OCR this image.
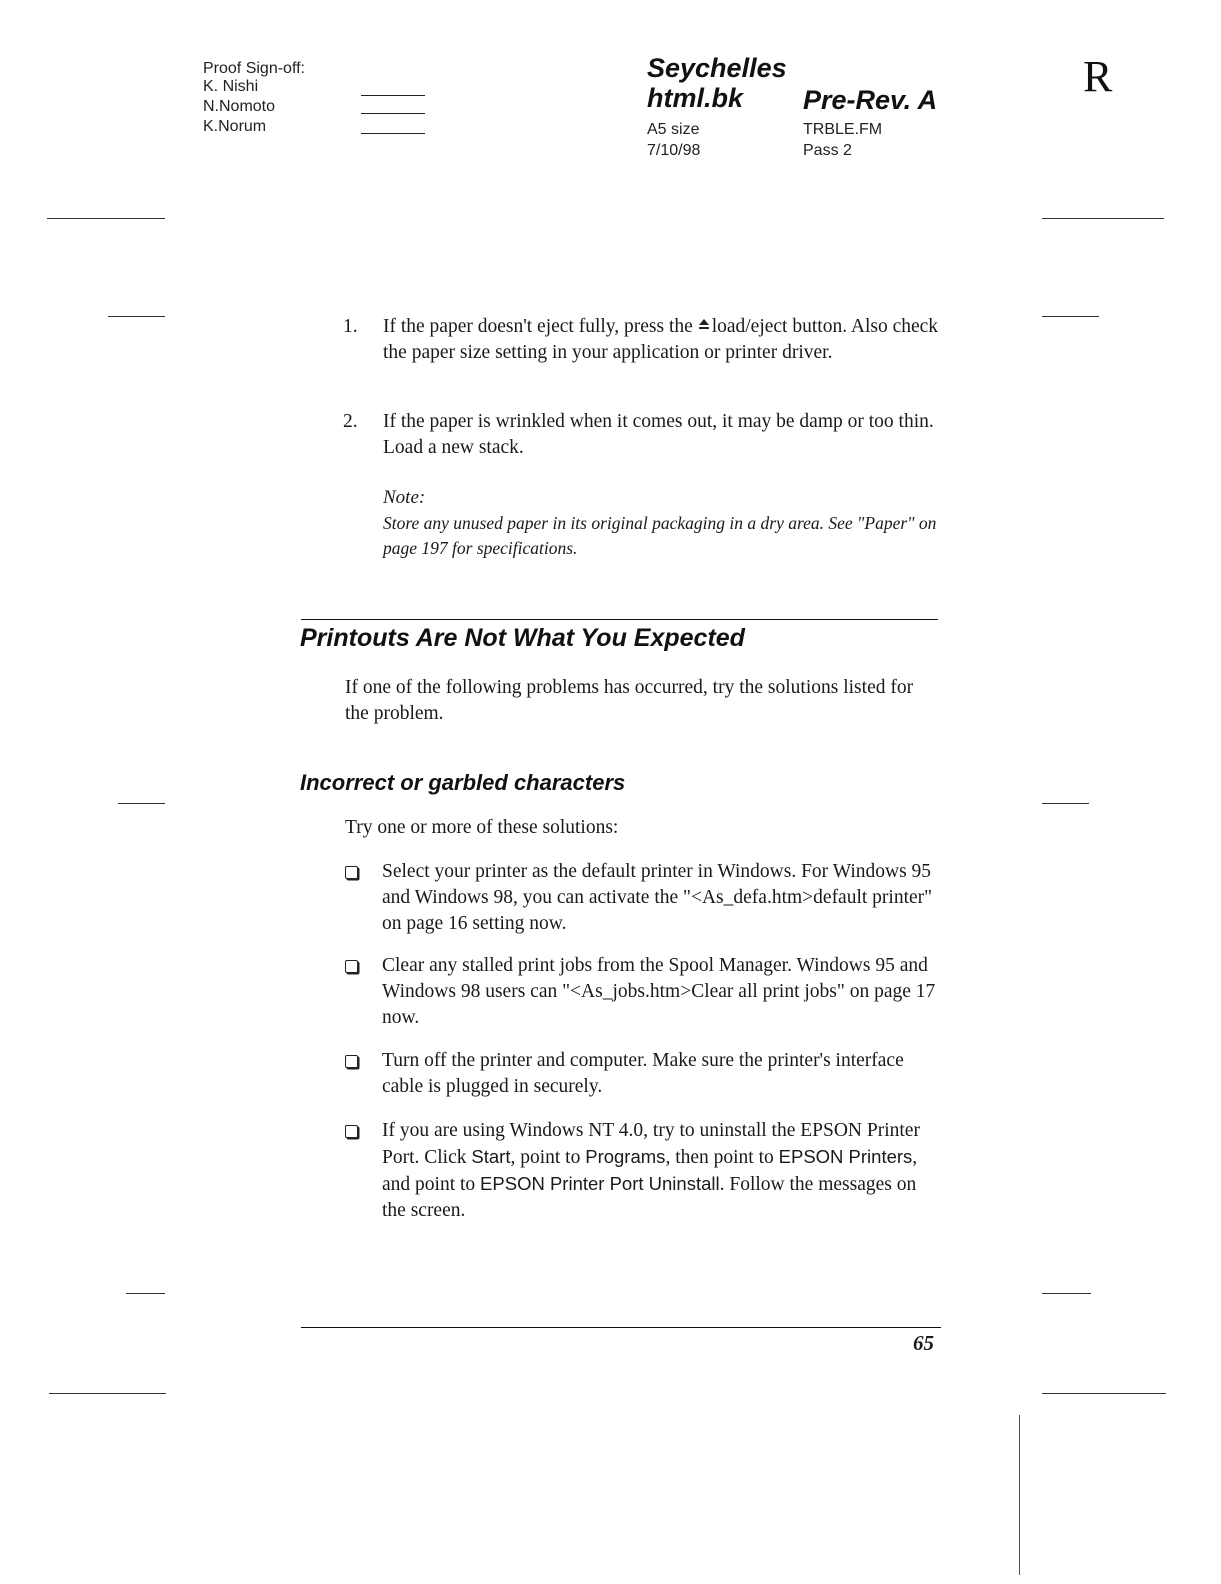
Proof Sign-off:
K. Nishi
N.Nomoto
K.Norum
Seychelles
html.bk Pre-Rev. A
A5 size
7/10/98
TRBLE.FM
Pass 2
R
1.	If the paper doesn't eject fully, press the load/eject button. Also check the paper size setting in your application or printer driver.
2.	If the paper is wrinkled when it comes out, it may be damp or too thin. Load a new stack.
Note:
Store any unused paper in its original packaging in a dry area. See "Paper" on page 197 for specifications.
Printouts Are Not What You Expected
If one of the following problems has occurred, try the solutions listed for the problem.
Incorrect or garbled characters
Try one or more of these solutions:
Select your printer as the default printer in Windows. For Windows 95 and Windows 98, you can activate the "<As_defa.htm>default printer" on page 16 setting now.
Clear any stalled print jobs from the Spool Manager. Windows 95 and Windows 98 users can "<As_jobs.htm>Clear all print jobs" on page 17 now.
Turn off the printer and computer. Make sure the printer's interface cable is plugged in securely.
If you are using Windows NT 4.0, try to uninstall the EPSON Printer Port. Click Start, point to Programs, then point to EPSON Printers, and point to EPSON Printer Port Uninstall. Follow the messages on the screen.
65
